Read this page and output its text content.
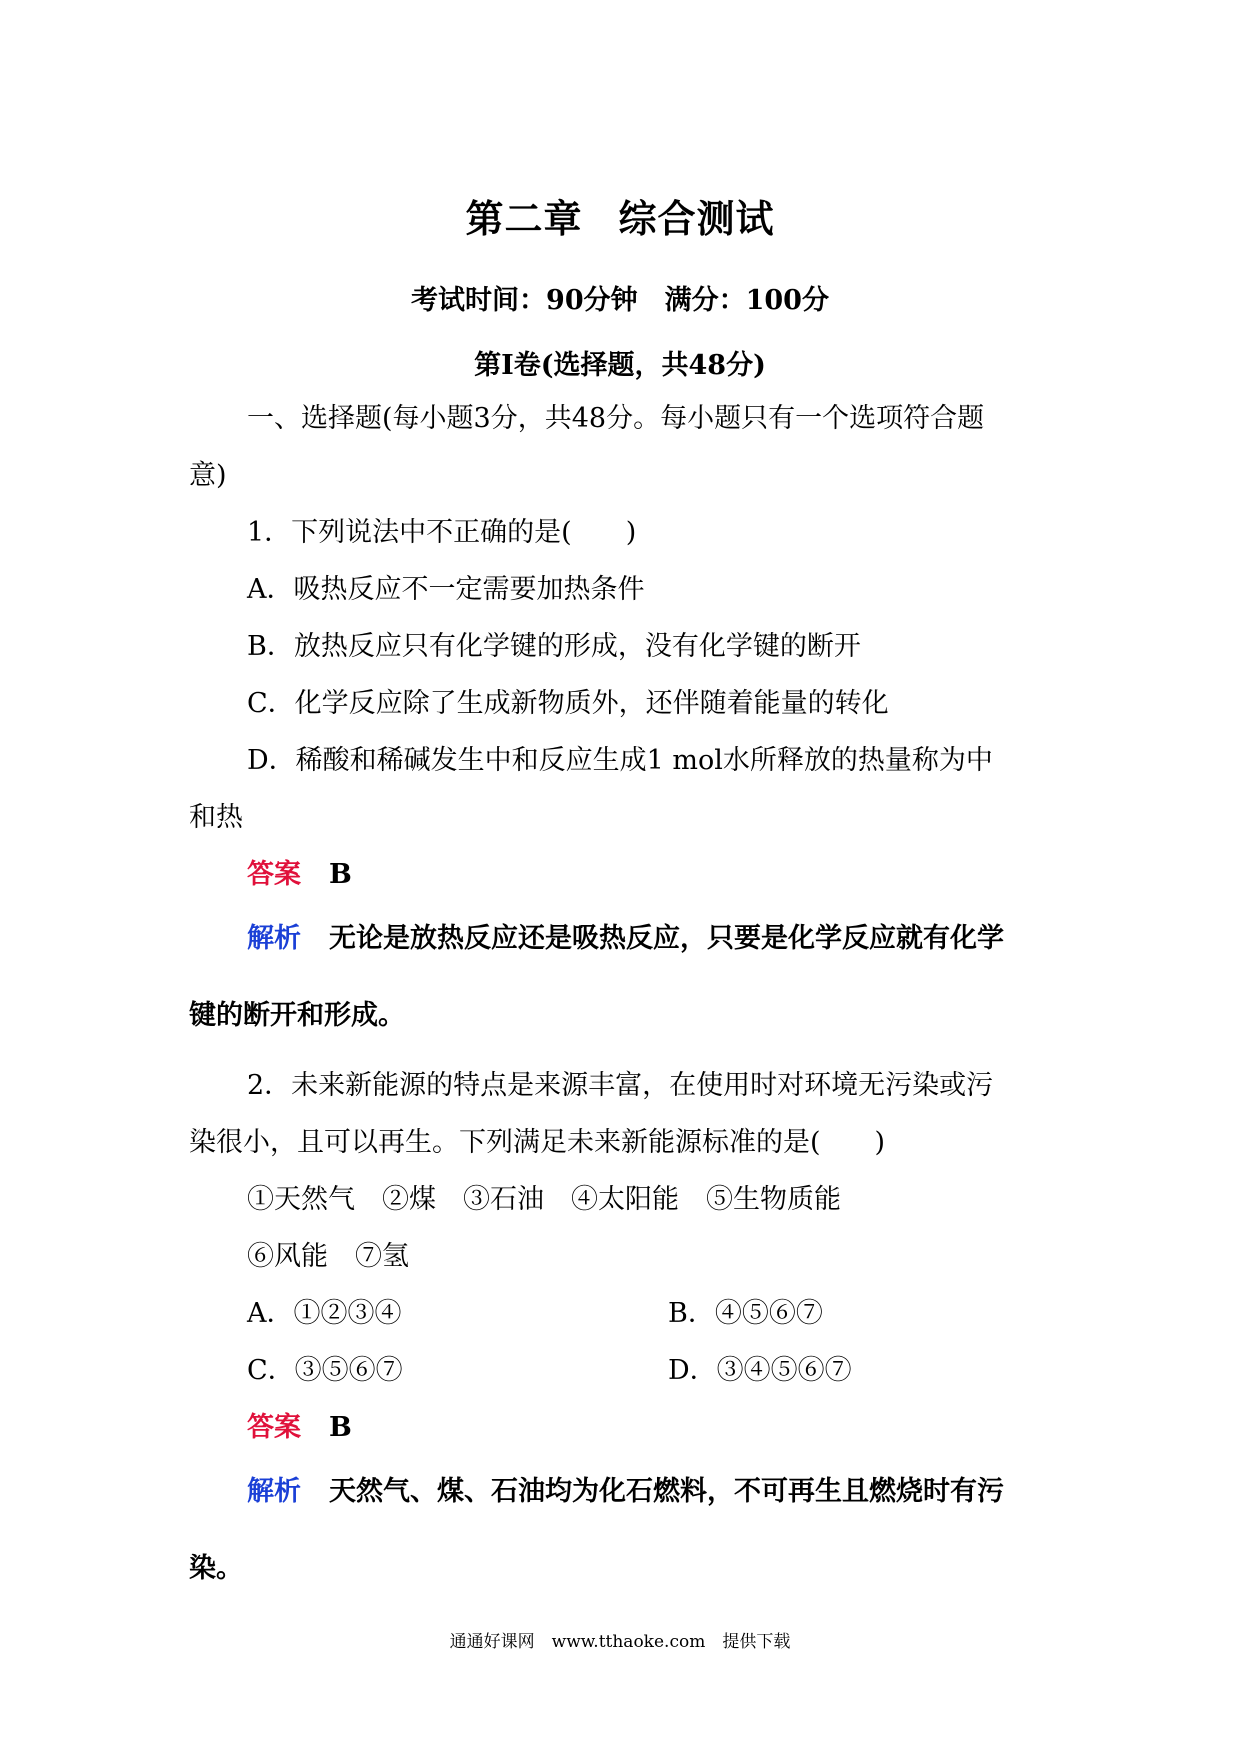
第二章 综合测试
考试时间：90分钟　满分：100分
第Ⅰ卷(选择题，共48分)
一、选择题(每小题3分，共48分。每小题只有一个选项符合题
意)
1．下列说法中不正确的是(　　)
A．吸热反应不一定需要加热条件
B．放热反应只有化学键的形成，没有化学键的断开
C．化学反应除了生成新物质外，还伴随着能量的转化
D．稀酸和稀碱发生中和反应生成1 mol水所释放的热量称为中
和热
答案 B
解析 无论是放热反应还是吸热反应，只要是化学反应就有化学
键的断开和形成。
2．未来新能源的特点是来源丰富，在使用时对环境无污染或污
染很小，且可以再生。下列满足未来新能源标准的是(　　)
①天然气　②煤　③石油　④太阳能　⑤生物质能
⑥风能　⑦氢
A．①②③④	B．④⑤⑥⑦
C．③⑤⑥⑦	D．③④⑤⑥⑦
答案 B
解析 天然气、煤、石油均为化石燃料，不可再生且燃烧时有污
染。
通通好课网　www.tthaoke.com　提供下载
